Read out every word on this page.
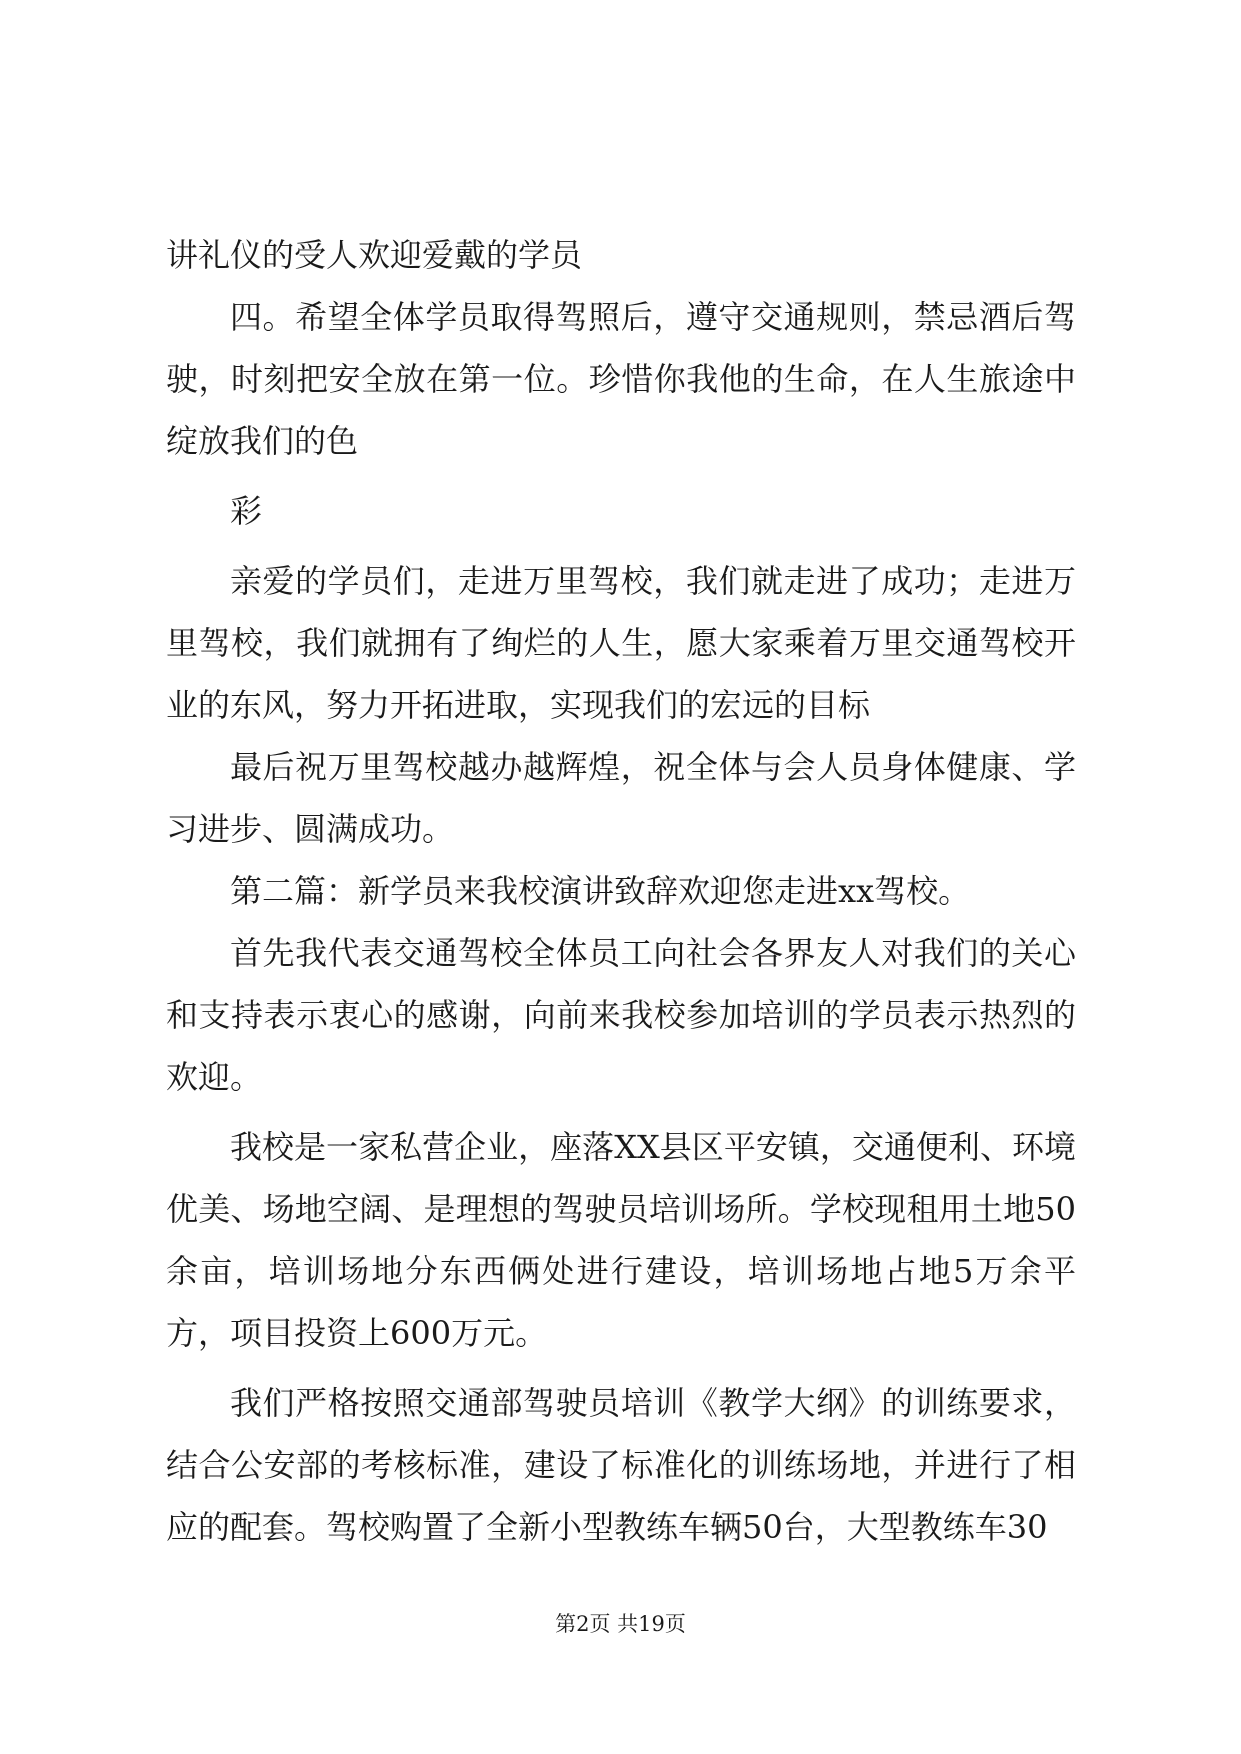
讲礼仪的受人欢迎爱戴的学员

四。希望全体学员取得驾照后，遵守交通规则，禁忌酒后驾驶，时刻把安全放在第一位。珍惜你我他的生命，在人生旅途中绽放我们的色

彩

亲爱的学员们，走进万里驾校，我们就走进了成功；走进万里驾校，我们就拥有了绚烂的人生，愿大家乘着万里交通驾校开业的东风，努力开拓进取，实现我们的宏远的目标

最后祝万里驾校越办越辉煌，祝全体与会人员身体健康、学习进步、圆满成功。

第二篇：新学员来我校演讲致辞欢迎您走进xx驾校。

首先我代表交通驾校全体员工向社会各界友人对我们的关心和支持表示衷心的感谢，向前来我校参加培训的学员表示热烈的欢迎。

我校是一家私营企业，座落XX县区平安镇，交通便利、环境优美、场地空阔、是理想的驾驶员培训场所。学校现租用土地50余亩，培训场地分东西俩处进行建设，培训场地占地5万余平方，项目投资上600万元。

我们严格按照交通部驾驶员培训《教学大纲》的训练要求，结合公安部的考核标准，建设了标准化的训练场地，并进行了相应的配套。驾校购置了全新小型教练车辆50台，大型教练车30

第2页 共19页
